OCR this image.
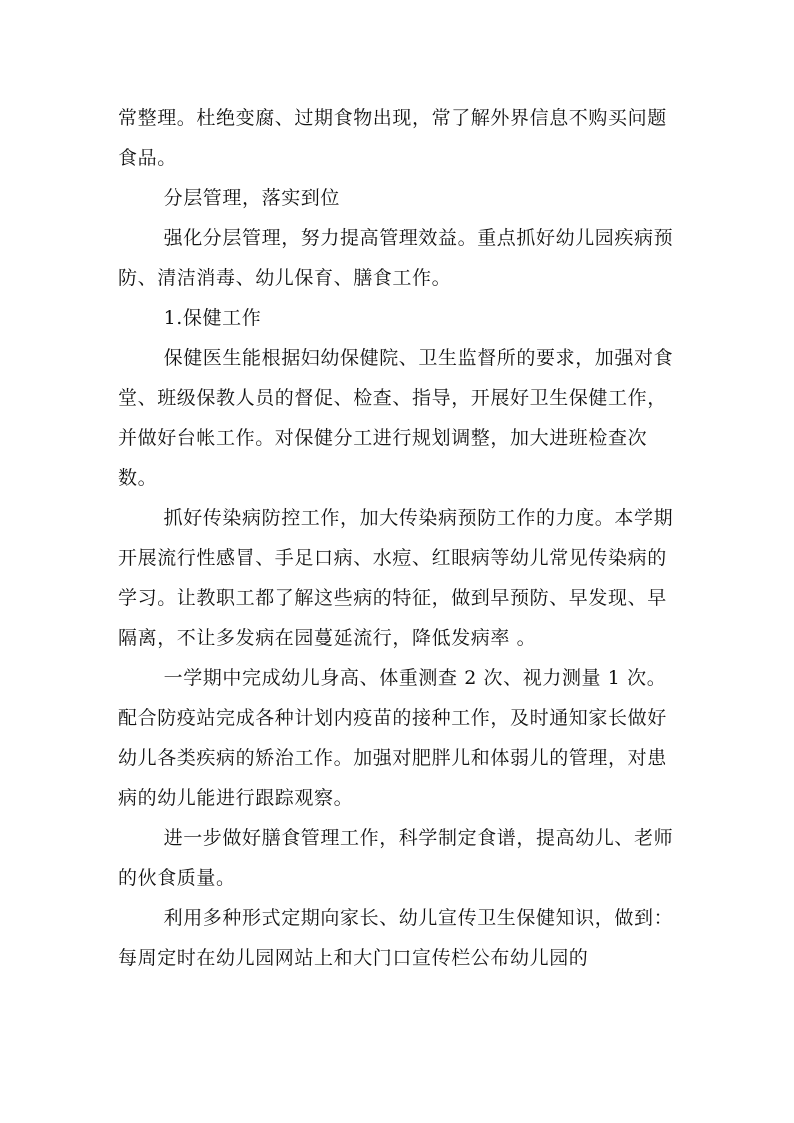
常整理。杜绝变腐、过期食物出现，常了解外界信息不购买问题食品。

分层管理，落实到位

强化分层管理，努力提高管理效益。重点抓好幼儿园疾病预防、清洁消毒、幼儿保育、膳食工作。

1.保健工作

保健医生能根据妇幼保健院、卫生监督所的要求，加强对食堂、班级保教人员的督促、检查、指导，开展好卫生保健工作，并做好台帐工作。对保健分工进行规划调整，加大进班检查次数。

抓好传染病防控工作，加大传染病预防工作的力度。本学期开展流行性感冒、手足口病、水痘、红眼病等幼儿常见传染病的学习。让教职工都了解这些病的特征，做到早预防、早发现、早隔离，不让多发病在园蔓延流行，降低发病率 。

一学期中完成幼儿身高、体重测查 2 次、视力测量 1 次。配合防疫站完成各种计划内疫苗的接种工作，及时通知家长做好幼儿各类疾病的矫治工作。加强对肥胖儿和体弱儿的管理，对患病的幼儿能进行跟踪观察。

进一步做好膳食管理工作，科学制定食谱，提高幼儿、老师的伙食质量。

利用多种形式定期向家长、幼儿宣传卫生保健知识，做到：每周定时在幼儿园网站上和大门口宣传栏公布幼儿园的
